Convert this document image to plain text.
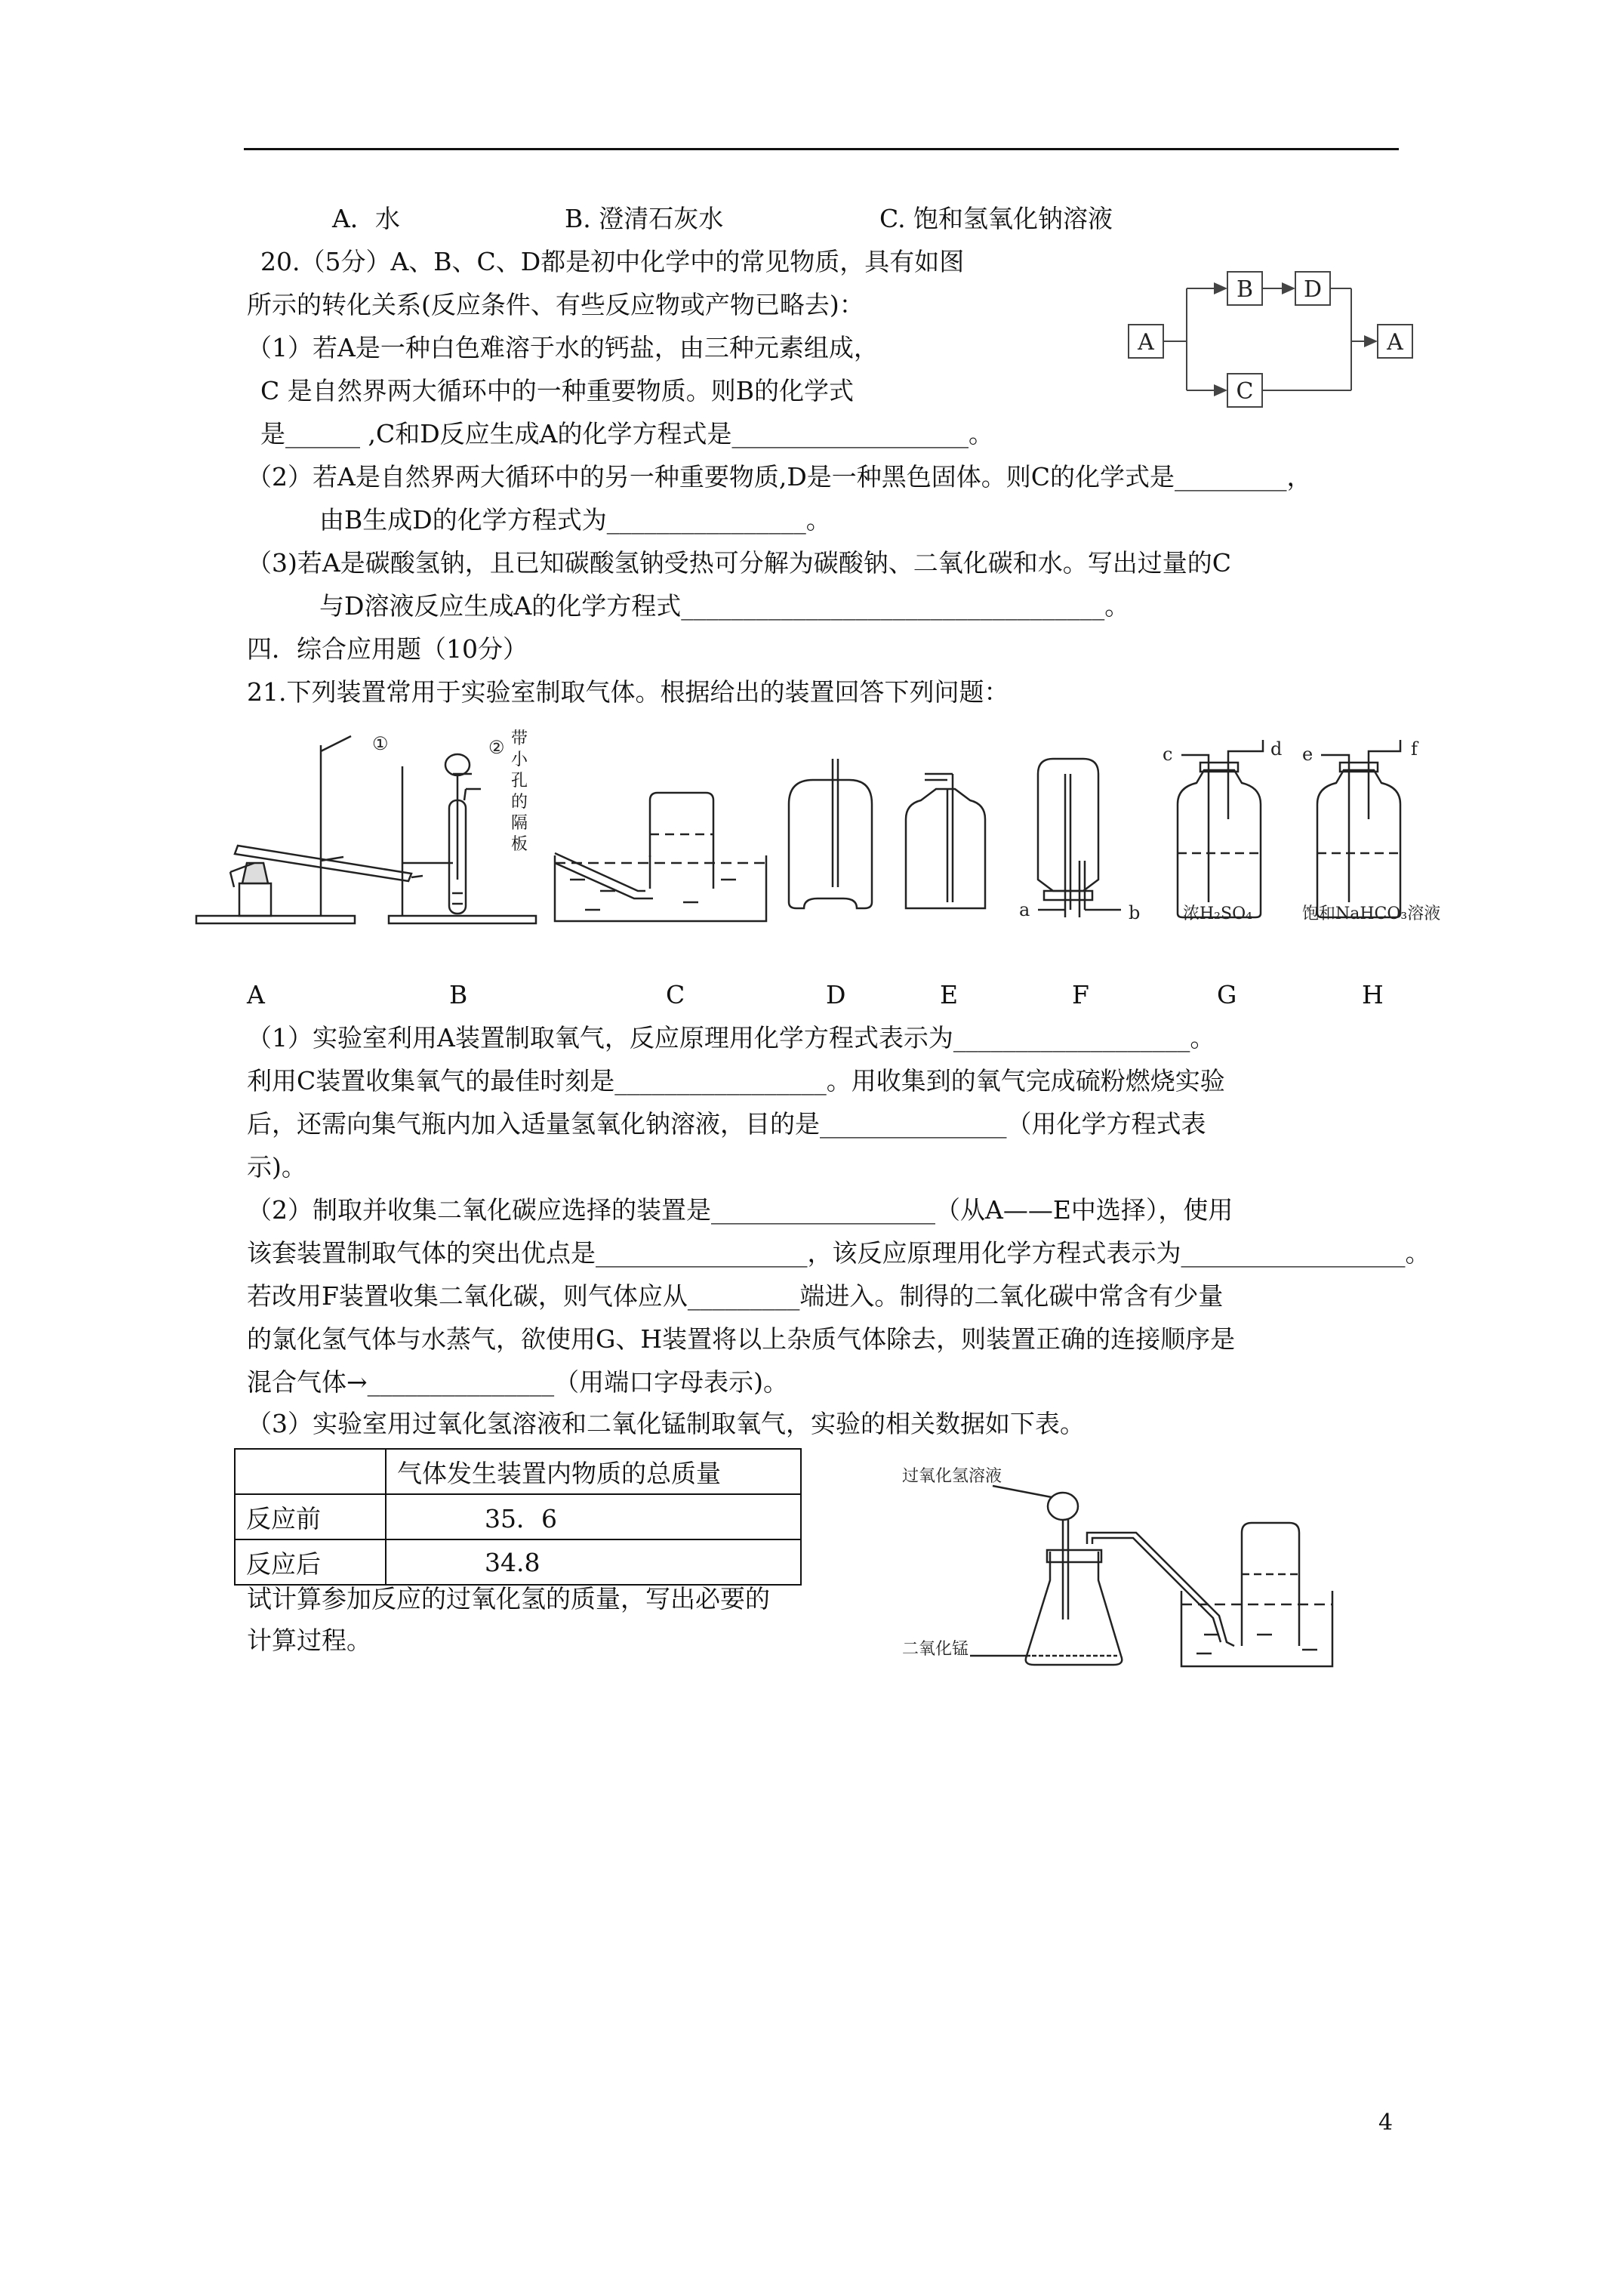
A．水	B. 澄清石灰水	C. 饱和氢氧化钠溶液
20.（5分）A、B、C、D都是初中化学中的常见物质，具有如图
所示的转化关系(反应条件、有些反应物或产物已略去)：
（1）若A是一种白色难溶于水的钙盐，由三种元素组成，
C 是自然界两大循环中的一种重要物质。则B的化学式
是______ ,C和D反应生成A的化学方程式是___________________。
（2）若A是自然界两大循环中的另一种重要物质,D是一种黑色固体。则C的化学式是_________，
由B生成D的化学方程式为________________。
（3)若A是碳酸氢钠，且已知碳酸氢钠受热可分解为碳酸钠、二氧化碳和水。写出过量的C
与D溶液反应生成A的化学方程式__________________________________。
A
B D
C
A
四．综合应用题（10分）
21.下列装置常用于实验室制取气体。根据给出的装置回答下列问题：
①	②	c	d e	f
a	b	浓H₂SO₄	饱和NaHCO₃溶液
带小孔的隔板
A	B	C	D	E	F	G	H
（1）实验室利用A装置制取氧气，反应原理用化学方程式表示为___________________。
利用C装置收集氧气的最佳时刻是_________________。用收集到的氧气完成硫粉燃烧实验
后，还需向集气瓶内加入适量氢氧化钠溶液，目的是_______________（用化学方程式表
示)。
（2）制取并收集二氧化碳应选择的装置是__________________（从A——E中选择），使用
该套装置制取气体的突出优点是_________________，该反应原理用化学方程式表示为__________________。
若改用F装置收集二氧化碳，则气体应从_________端进入。制得的二氧化碳中常含有少量
的氯化氢气体与水蒸气，欲使用G、H装置将以上杂质气体除去，则装置正确的连接顺序是
混合气体→_______________（用端口字母表示)。
（3）实验室用过氧化氢溶液和二氧化锰制取氧气，实验的相关数据如下表。
	气体发生装置内物质的总质量
反应前	35．6
反应后	34.8
试计算参加反应的过氧化氢的质量，写出必要的
计算过程。
过氧化氢溶液
二氧化锰
4
